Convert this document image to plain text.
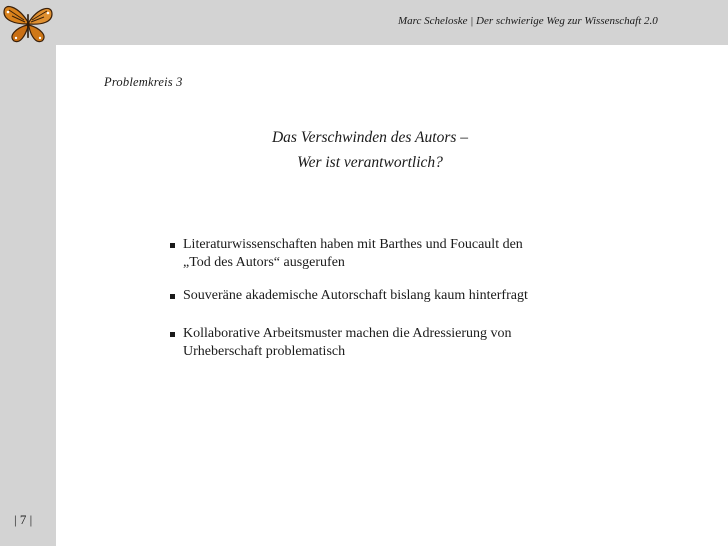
Marc Scheloske | Der schwierige Weg zur Wissenschaft 2.0
Problemkreis 3
Das Verschwinden des Autors –
Wer ist verantwortlich?
Literaturwissenschaften haben mit Barthes und Foucault den
„Tod des Autors“ ausgerufen
Souveräne akademische Autorschaft bislang kaum hinterfragt
Kollaborative Arbeitsmuster machen die Adressierung von
Urheberschaft problematisch
| 7 |
